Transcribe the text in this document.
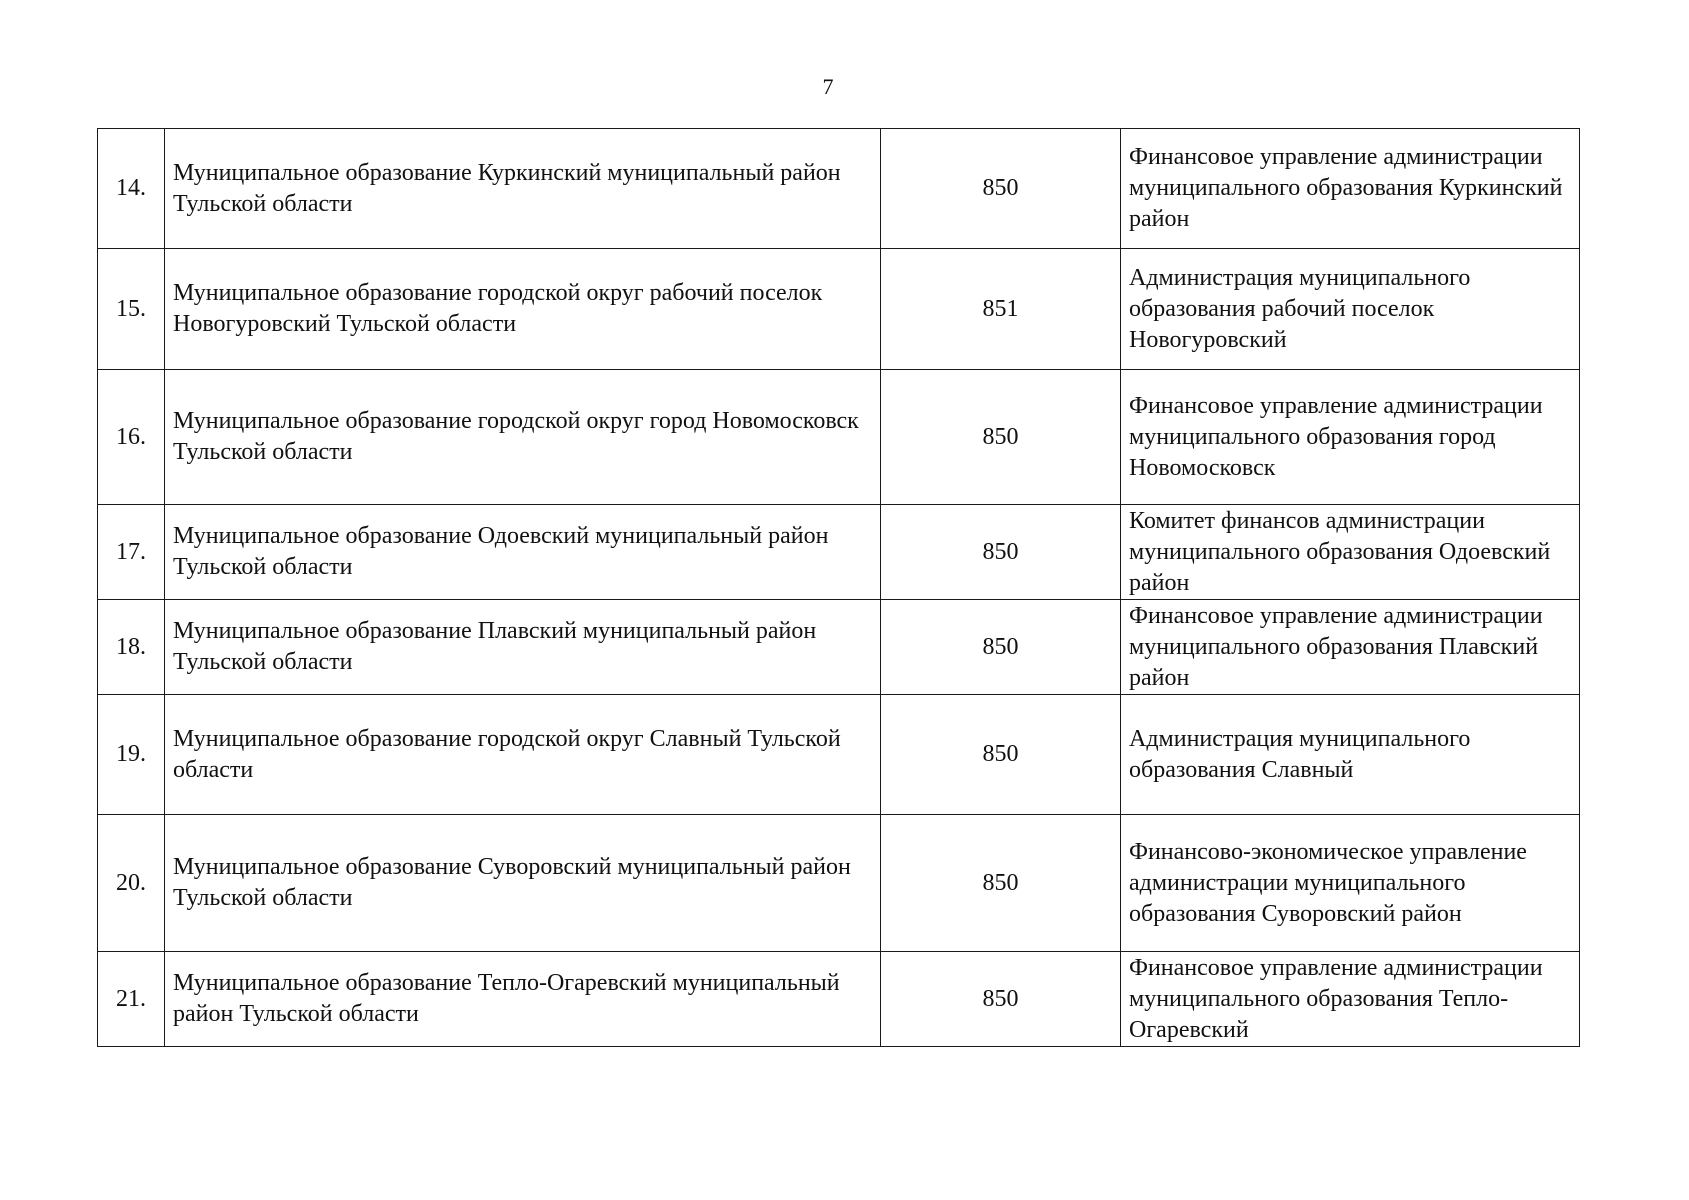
7
14.	Муниципальное образование Куркинский муниципальный район Тульской области	850	Финансовое управление администрации муниципального образования Куркинский район
15.	Муниципальное образование городской округ рабочий поселок Новогуровский Тульской области	851	Администрация муниципального образования рабочий поселок Новогуровский
16.	Муниципальное образование городской округ город Новомосковск Тульской области	850	Финансовое управление администрации муниципального образования город Новомосковск
17.	Муниципальное образование Одоевский муниципальный район Тульской области	850	Комитет финансов администрации муниципального образования Одоевский район
18.	Муниципальное образование Плавский муниципальный район Тульской области	850	Финансовое управление администрации муниципального образования Плавский район
19.	Муниципальное образование городской округ Славный Тульской области	850	Администрация муниципального образования Славный
20.	Муниципальное образование Суворовский муниципальный район Тульской области	850	Финансово-экономическое управление администрации муниципального образования Суворовский район
21.	Муниципальное образование Тепло-Огаревский муниципальный район Тульской области	850	Финансовое управление администрации муниципального образования Тепло-Огаревский
